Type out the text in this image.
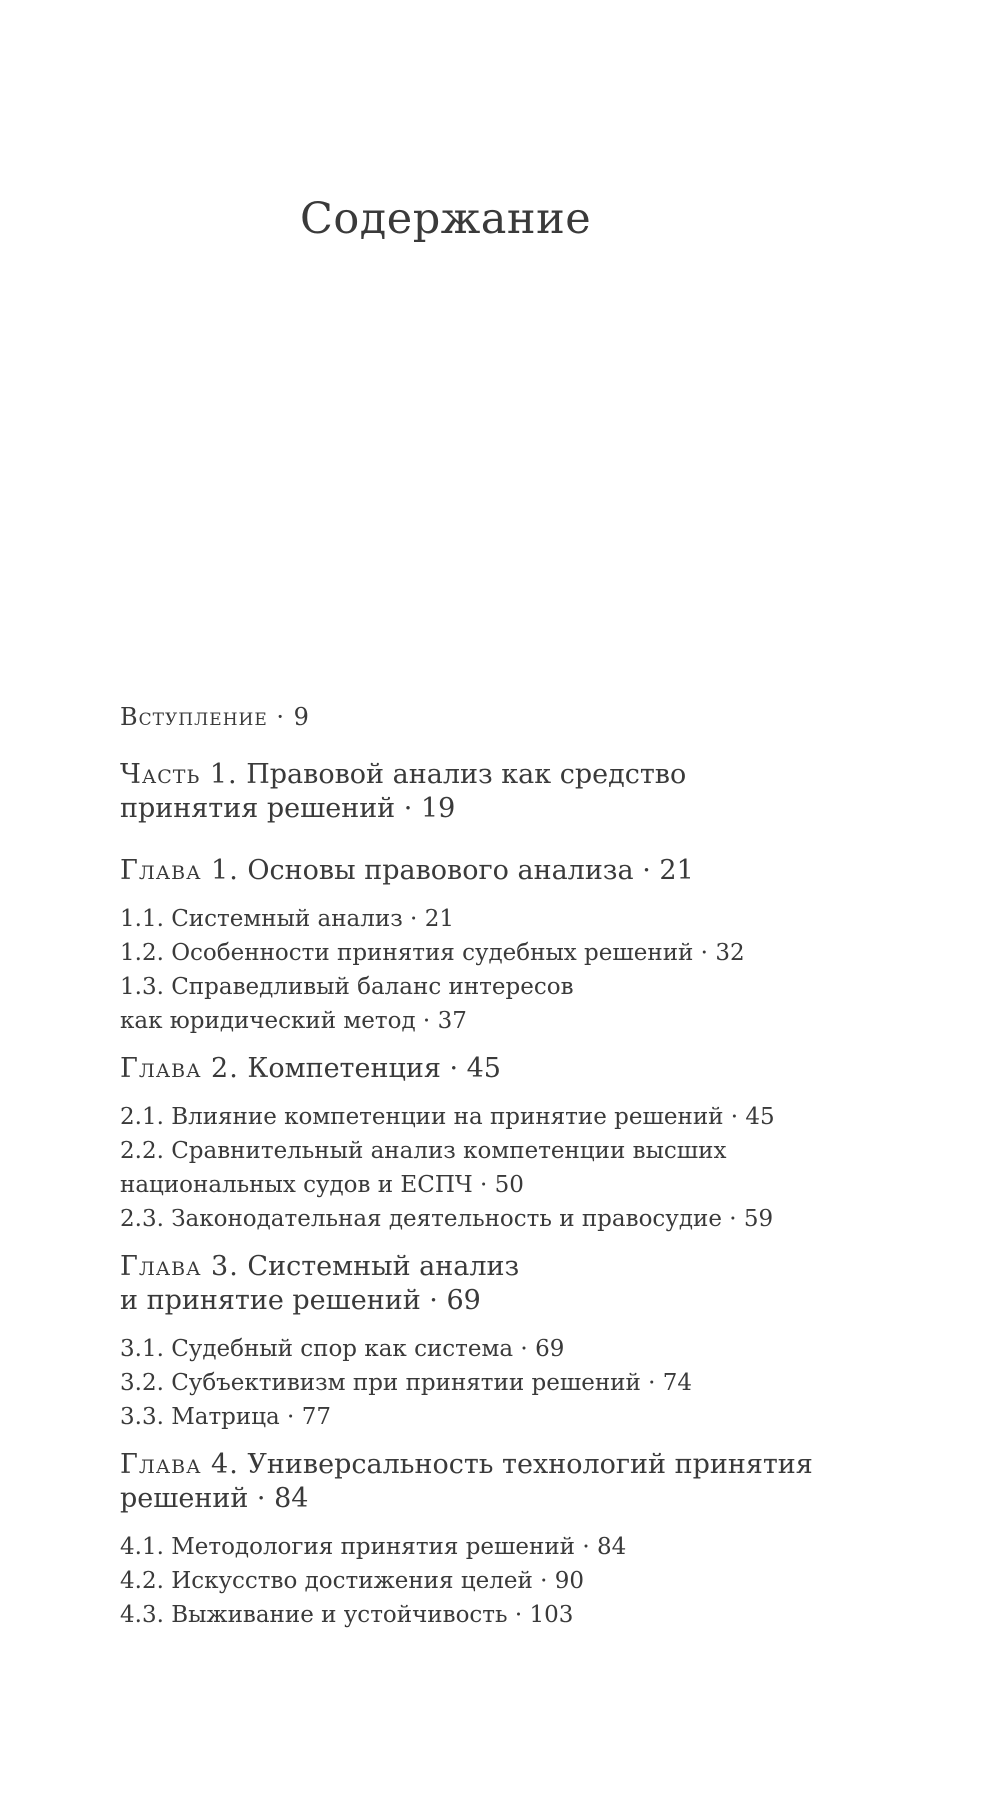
Содержание
Вступление · 9
Часть 1. Правовой анализ как средство
принятия решений · 19
Глава 1. Основы правового анализа · 21
1.1. Системный анализ · 21
1.2. Особенности принятия судебных решений · 32
1.3. Справедливый баланс интересов
как юридический метод · 37
Глава 2. Компетенция · 45
2.1. Влияние компетенции на принятие решений · 45
2.2. Сравнительный анализ компетенции высших
национальных судов и ЕСПЧ · 50
2.3. Законодательная деятельность и правосудие · 59
Глава 3. Системный анализ
и принятие решений · 69
3.1. Судебный спор как система · 69
3.2. Субъективизм при принятии решений · 74
3.3. Матрица · 77
Глава 4. Универсальность технологий принятия
решений · 84
4.1. Методология принятия решений · 84
4.2. Искусство достижения целей · 90
4.3. Выживание и устойчивость · 103
